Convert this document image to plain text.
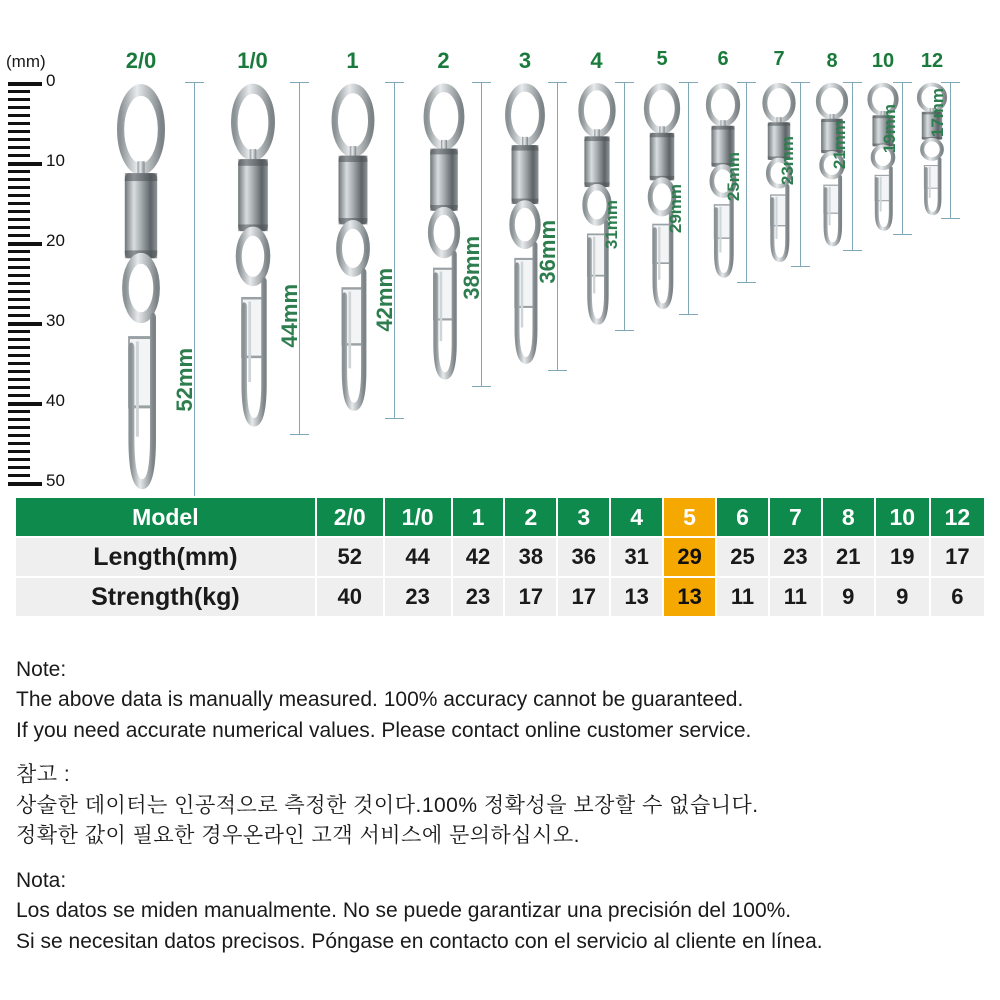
(mm)
0
10
20
30
40
50
2/0	1/0	1	2	3	4	5	6	7	8	10	12
52mm
44mm	42mm
38mm 36mm 31mm	29mm
25mm 23mm 21mm 19mm 17mm
Model	2/0	1/0	1	2	3	4	5	6	7	8	10	12
Length(mm)	52	44	42	38	36	31	29	25	23	21	19	17
Strength(kg)	40	23	23	17	17	13	13	11	11	9	9	6

Note:

The above data is manually measured. 100% accuracy cannot be guaranteed.

If you need accurate numerical values. Please contact online customer service.

참고 :

상술한 데이터는 인공적으로 측정한 것이다.100% 정확성을 보장할 수 없습니다.

정확한 값이 필요한 경우온라인 고객 서비스에 문의하십시오.

Nota:

Los datos se miden manualmente. No se puede garantizar una precisión del 100%.

Si se necesitan datos precisos. Póngase en contacto con el servicio al cliente en línea.
